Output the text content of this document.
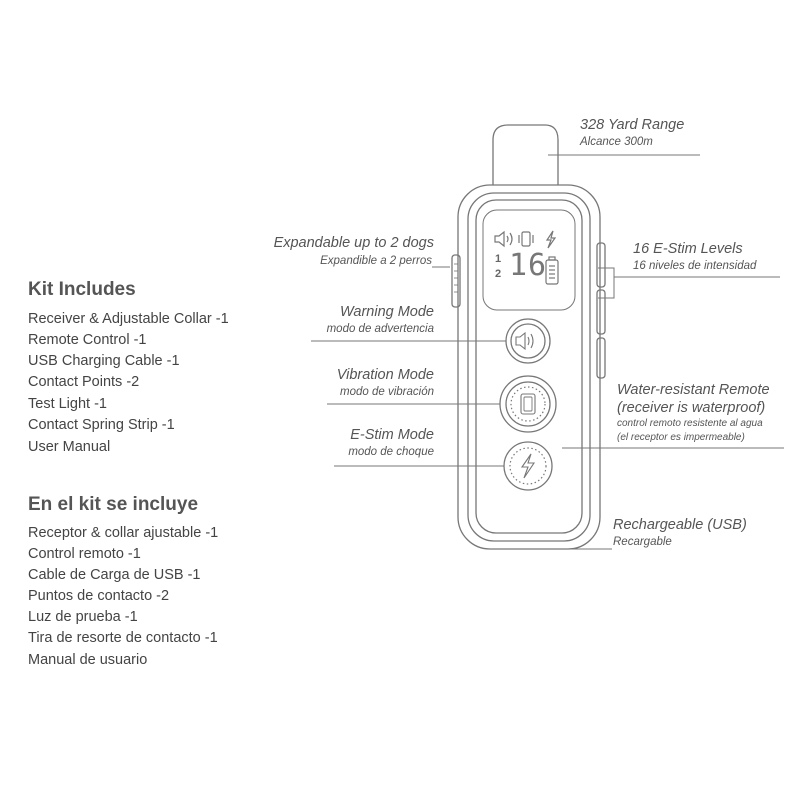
Kit Includes
Receiver & Adjustable Collar -1
Remote Control -1
USB Charging Cable -1
Contact Points -2
Test Light -1
Contact Spring Strip -1
User Manual
En el kit se incluye
Receptor & collar ajustable -1
Control remoto -1
Cable de Carga de USB -1
Puntos de contacto -2
Luz de prueba -1
Tira de resorte de contacto -1
Manual de usuario
1
2 16
328 Yard Range
Alcance 300m
Expandable up to 2 dogs
Expandible a 2 perros
16 E-Stim Levels
16 niveles de intensidad
Warning Mode
modo de advertencia
Vibration Mode
modo de vibración	Water-resistant Remote
(receiver is waterproof)
control remoto resistente al agua
(el receptor es impermeable)
E-Stim Mode
modo de choque
Rechargeable (USB)
Recargable
